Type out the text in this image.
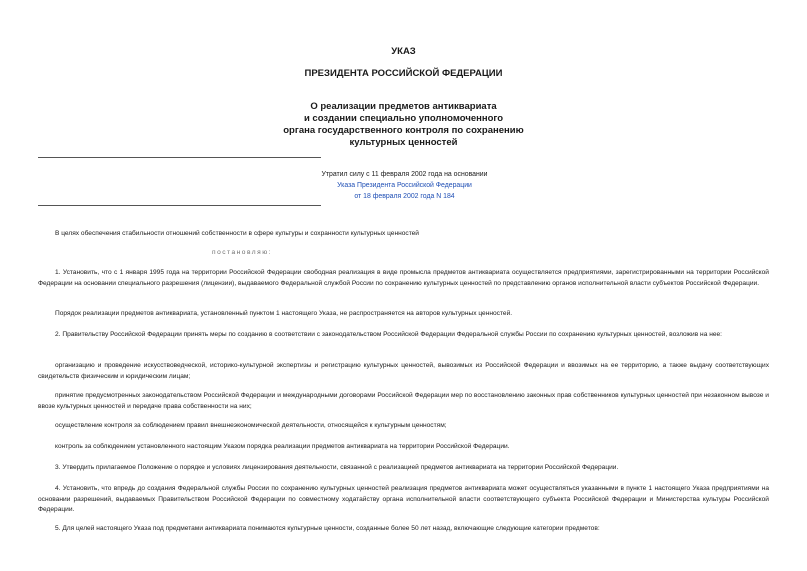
УКАЗ
ПРЕЗИДЕНТА РОССИЙСКОЙ ФЕДЕРАЦИИ
О реализации предметов антиквариата
и создании специально уполномоченного
органа государственного контроля по сохранению
культурных ценностей
Утратил силу с 11 февраля 2002 года на основании
Указа Президента Российской Федерации
от 18 февраля 2002 года N 184
В целях обеспечения стабильности отношений собственности в сфере культуры и сохранности культурных ценностей
постановляю:
1. Установить, что с 1 января 1995 года на территории Российской Федерации свободная реализация в виде промысла предметов антиквариата осуществляется предприятиями, зарегистрированными на территории Российской Федерации на основании специального разрешения (лицензии), выдаваемого Федеральной службой России по сохранению культурных ценностей по представлению органов исполнительной власти субъектов Российской Федерации.
Порядок реализации предметов антиквариата, установленный пунктом 1 настоящего Указа, не распространяется на авторов культурных ценностей.
2. Правительству Российской Федерации принять меры по созданию в соответствии с законодательством Российской Федерации Федеральной службы России по сохранению культурных ценностей, возложив на нее:
организацию и проведение искусствоведческой, историко-культурной экспертизы и регистрацию культурных ценностей, вывозимых из Российской Федерации и ввозимых на ее территорию, а также выдачу соответствующих свидетельств физическим и юридическим лицам;
принятие предусмотренных законодательством Российской Федерации и международными договорами Российской Федерации мер по восстановлению законных прав собственников культурных ценностей при незаконном вывозе и ввозе культурных ценностей и передаче права собственности на них;
осуществление контроля за соблюдением правил внешнеэкономической деятельности, относящейся к культурным ценностям;
контроль за соблюдением установленного настоящим Указом порядка реализации предметов антиквариата на территории Российской Федерации.
3. Утвердить прилагаемое Положение о порядке и условиях лицензирования деятельности, связанной с реализацией предметов антиквариата на территории Российской Федерации.
4. Установить, что впредь до создания Федеральной службы России по сохранению культурных ценностей реализация предметов антиквариата может осуществляться указанными в пункте 1 настоящего Указа предприятиями на основании разрешений, выдаваемых Правительством Российской Федерации по совместному ходатайству органа исполнительной власти соответствующего субъекта Российской Федерации и Министерства культуры Российской Федерации.
5. Для целей настоящего Указа под предметами антиквариата понимаются культурные ценности, созданные более 50 лет назад, включающие следующие категории предметов:
